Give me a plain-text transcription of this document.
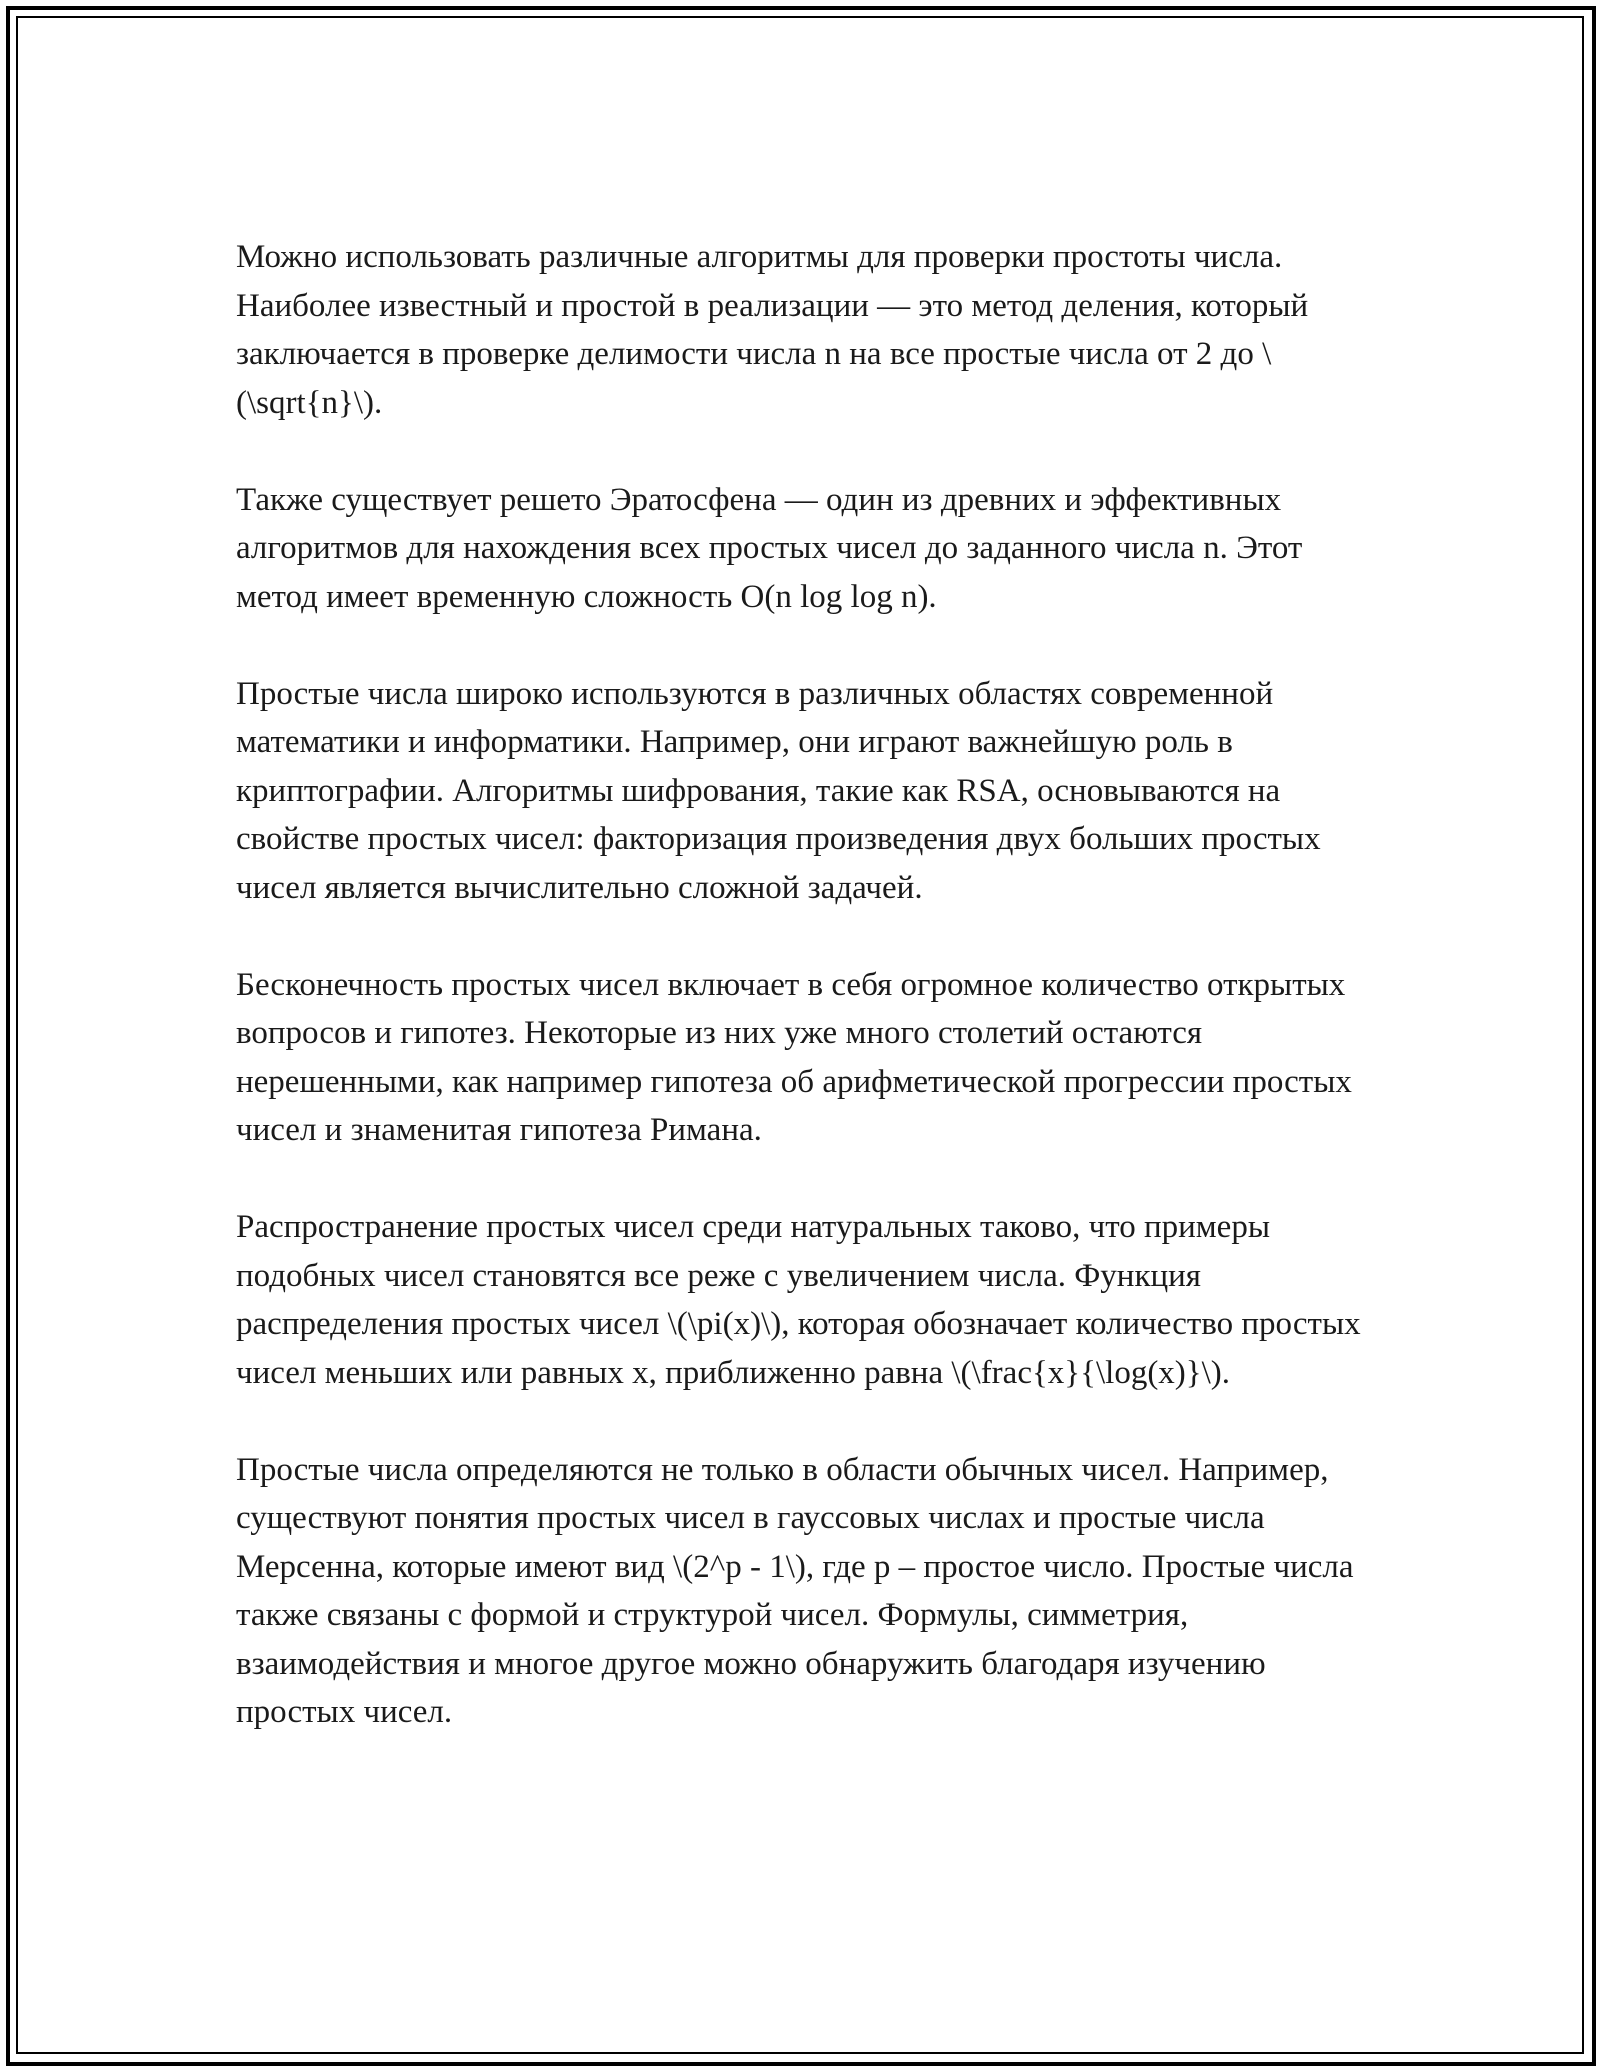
Можно использовать различные алгоритмы для проверки простоты числа. Наиболее известный и простой в реализации — это метод деления, который заключается в проверке делимости числа n на все простые числа от 2 до \(\sqrt{n}\).

Также существует решето Эратосфена — один из древних и эффективных алгоритмов для нахождения всех простых чисел до заданного числа n. Этот метод имеет временную сложность O(n log log n).

Простые числа широко используются в различных областях современной математики и информатики. Например, они играют важнейшую роль в криптографии. Алгоритмы шифрования, такие как RSA, основываются на свойстве простых чисел: факторизация произведения двух больших простых чисел является вычислительно сложной задачей.

Бесконечность простых чисел включает в себя огромное количество открытых вопросов и гипотез. Некоторые из них уже много столетий остаются нерешенными, как например гипотеза об арифметической прогрессии простых чисел и знаменитая гипотеза Римана.

Распространение простых чисел среди натуральных таково, что примеры подобных чисел становятся все реже с увеличением числа. Функция распределения простых чисел \(\pi(x)\), которая обозначает количество простых чисел меньших или равных x, приближенно равна \(\frac{x}{\log(x)}\).

Простые числа определяются не только в области обычных чисел. Например, существуют понятия простых чисел в гауссовых числах и простые числа Мерсенна, которые имеют вид \(2^p - 1\), где p – простое число. Простые числа также связаны с формой и структурой чисел. Формулы, симметрия, взаимодействия и многое другое можно обнаружить благодаря изучению простых чисел.
